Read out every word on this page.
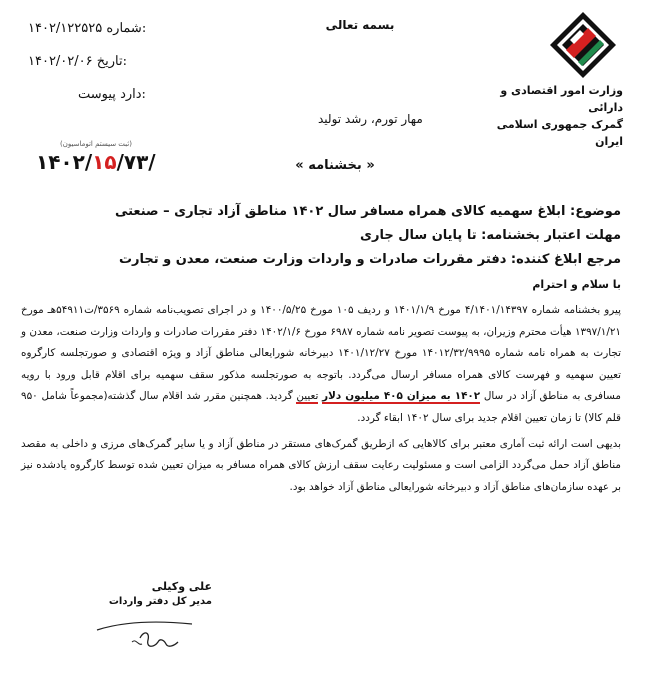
بسمه تعالی
۱۴۰۲/۱۲۲۵۲۵ شماره:
۱۴۰۲/۰۲/۰۶ تاریخ:
دارد پیوست:	وزارت امور اقتصادی و دارائی
گمرک جمهوری اسلامی ایران
مهار تورم، رشد تولید
(ثبت سیستم اتوماسیون)
۱۴۰۲/۱۵/۷۳/	« بخشنامه »
موضوع: ابلاغ سهمیه کالای همراه مسافر سال ۱۴۰۲ مناطق آزاد تجاری – صنعتی
مهلت اعتبار بخشنامه: تا پایان سال جاری
مرجع ابلاغ کننده: دفتر مقررات صادرات و واردات وزارت صنعت، معدن و تجارت
با سلام و احترام

پیرو بخشنامه شماره ۴/۱۴۰۱/۱۴۳۹۷ مورخ ۱۴۰۱/۱/۹ و ردیف ۱۰۵ مورخ ۱۴۰۰/۵/۲۵ و در اجرای تصویب‌نامه شماره ۳۵۶۹/ت۵۴۹۱۱هـ مورخ ۱۳۹۷/۱/۲۱ هیأت محترم وزیران، به پیوست تصویر نامه شماره ۶۹۸۷ مورخ ۱۴۰۲/۱/۶ دفتر مقررات صادرات و واردات وزارت صنعت، معدن و تجارت به همراه نامه شماره ۱۴۰۱۲/۳۲/۹۹۹۵ مورخ ۱۴۰۱/۱۲/۲۷ دبیرخانه شورایعالی مناطق آزاد و ویژه اقتصادی و صورتجلسه کارگروه تعیین سهمیه و فهرست کالای همراه مسافر ارسال می‌گردد. باتوجه به صورتجلسه مذکور سقف سهمیه برای اقلام قابل ورود با رویه مسافری به مناطق آزاد در سال ۱۴۰۲ به میزان ۴۰۵ میلیون دلار تعیین گردید. همچنین مقرر شد اقلام سال گذشته(مجموعاً شامل ۹۵۰ قلم کالا) تا زمان تعیین اقلام جدید برای سال ۱۴۰۲ ابقاء گردد.

بدیهی است ارائه ثبت آماری معتبر برای کالاهایی که ازطریق گمرک‌های مستقر در مناطق آزاد و یا سایر گمرک‌های مرزی و داخلی به مقصد مناطق آزاد حمل می‌گردد الزامی است و مسئولیت رعایت سقف ارزش کالای همراه مسافر به میزان تعیین شده توسط کارگروه یادشده نیز بر عهده سازمان‌های مناطق آزاد و دبیرخانه شورایعالی مناطق آزاد خواهد بود.

علی وکیلی
مدیر کل دفتر واردات
